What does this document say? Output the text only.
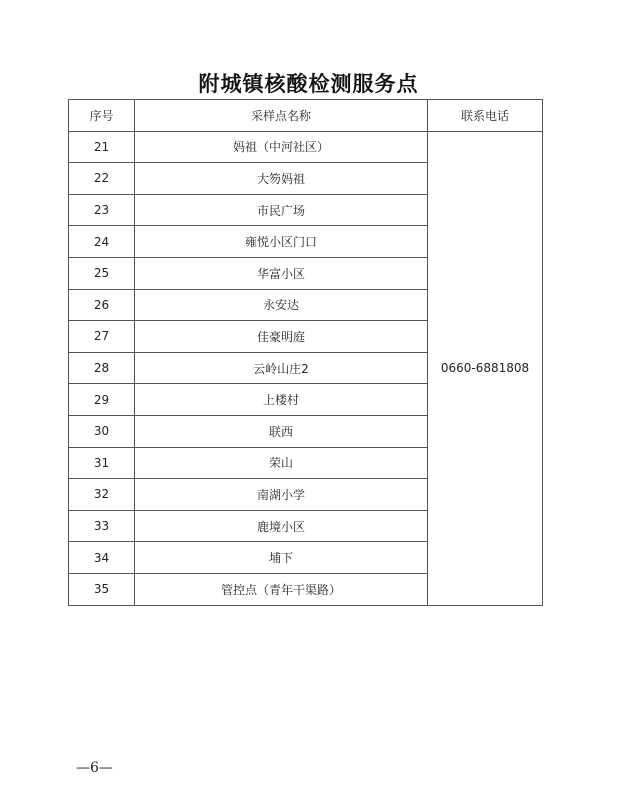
附城镇核酸检测服务点
序号	采样点名称	联系电话
21	妈祖（中河社区）	0660-6881808
22	大笏妈祖	
23	市民广场	
24	雍悦小区门口	
25	华富小区	
26	永安达	
27	佳豪明庭	
28	云岭山庄2	
29	上楼村	
30	联西	
31	荣山	
32	南湖小学	
33	鹿境小区	
34	埔下	
35	管控点（青年干渠路）	
—6—
